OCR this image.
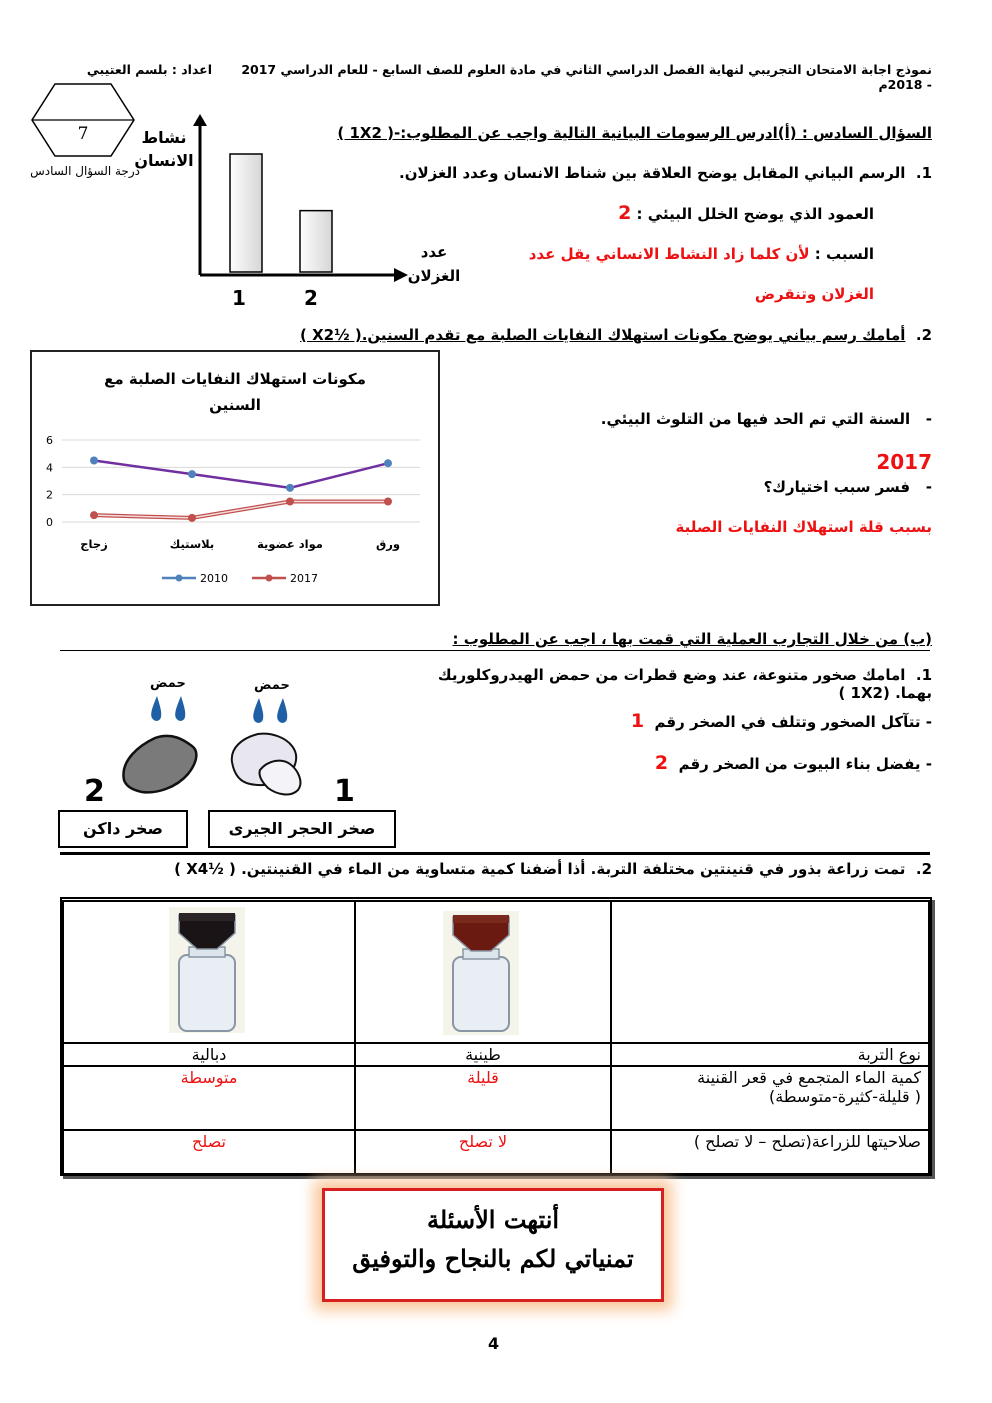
نموذج اجابة الامتحان التجريبي لنهاية الفصل الدراسي الثاني في مادة العلوم للصف السابع - للعام الدراسي 2017 - 2018م
اعداد : بلسم العتيبي
7
درجة السؤال السادس
السؤال السادس : (أ)ادرس الرسومات البيانية التالية واجب عن المطلوب:-( 1X2 )
نشاط
الانسان
عدد
الغزلان
1	2
1.  الرسم البياني المقابل يوضح العلاقة بين شناط الانسان وعدد الغزلان.
العمود الذي يوضح الخلل البيئي : 2
السبب : لأن كلما زاد النشاط الانساني يقل عدد
الغزلان وتنقرض
2.  أمامك رسم بياني يوضح مكونات استهلاك النفايات الصلبة مع تقدم السنين.( ½X2 )
مكونات استهلاك النفايات الصلبة مع السنين
0
2
4
6
ورق
مواد عضوية
بلاستيك
زجاج
2010	2017
-   السنة التي تم الحد فيها من التلوث البيئي.
2017
-   فسر سبب اختيارك؟
بسبب قلة استهلاك النفايات الصلبة
(ب) من خلال التجارب العملية التي قمت بها ، اجب عن المطلوب :
1.  امامك صخور متنوعة، عند وضع قطرات من حمض الهيدروكلوريك بهما. (1X2 )
- تتآكل الصخور وتتلف في الصخر رقم  1
- يفضل بناء البيوت من الصخر رقم  2
حمض	حمض
2	1
صخر داكن	صخر الحجر الجيرى
2.  تمت زراعة بذور في قنينتين مختلفة التربة. أذا أضفنا كمية متساوية من الماء في القنينتين. ( ½X4 )

دبالية	طينية	نوع التربة

متوسطة	قليلة	كمية الماء المتجمع في قعر القنينة
( قليلة-كثيرة-متوسطة)

تصلح	لا تصلح	صلاحيتها للزراعة(تصلح – لا تصلح )
أنتهت الأسئلة
تمنياتي لكم بالنجاح والتوفيق
4
